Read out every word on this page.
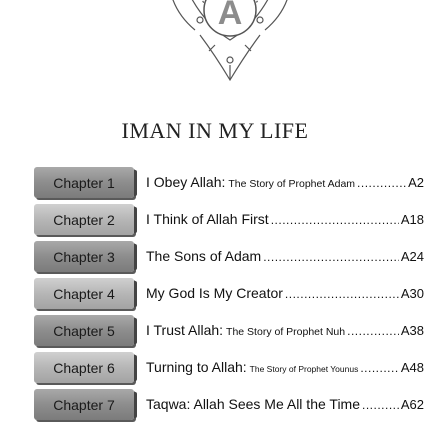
A
IMAN IN MY LIFE
Chapter 1	I Obey Allah: The Story of Prophet Adam .....	A2
Chapter 2	I Think of Allah First .....	A18
Chapter 3	The Sons of Adam .....	A24
Chapter 4	My God Is My Creator .....	A30
Chapter 5	I Trust Allah: The Story of Prophet Nuh .....	A38
Chapter 6	Turning to Allah: The Story of Prophet Younus .....	A48
Chapter 7	Taqwa: Allah Sees Me All the Time .....	A62
